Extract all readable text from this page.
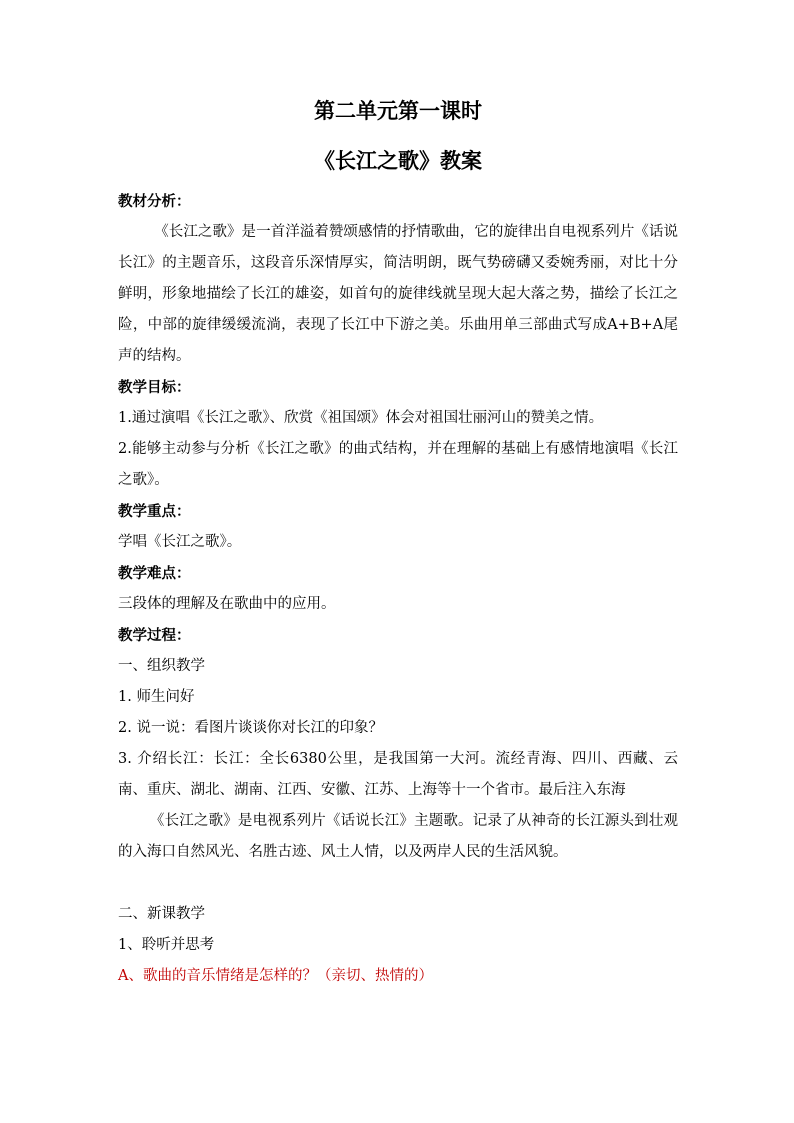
第二单元第一课时

《长江之歌》教案

教材分析：

《长江之歌》是一首洋溢着赞颂感情的抒情歌曲，它的旋律出自电视系列片《话说长江》的主题音乐，这段音乐深情厚实，简洁明朗，既气势磅礴又委婉秀丽，对比十分鲜明，形象地描绘了长江的雄姿，如首句的旋律线就呈现大起大落之势，描绘了长江之险，中部的旋律缓缓流淌，表现了长江中下游之美。乐曲用单三部曲式写成A+B+A尾声的结构。

教学目标：

1.通过演唱《长江之歌》、欣赏《祖国颂》体会对祖国壮丽河山的赞美之情。

2.能够主动参与分析《长江之歌》的曲式结构，并在理解的基础上有感情地演唱《长江之歌》。

教学重点：

学唱《长江之歌》。

教学难点：

三段体的理解及在歌曲中的应用。

教学过程：

一、组织教学

1. 师生问好

2. 说一说：看图片谈谈你对长江的印象？

3. 介绍长江：长江：全长6380公里，是我国第一大河。流经青海、四川、西藏、云南、重庆、湖北、湖南、江西、安徽、江苏、上海等十一个省市。最后注入东海

《长江之歌》是电视系列片《话说长江》主题歌。记录了从神奇的长江源头到壮观的入海口自然风光、名胜古迹、风土人情，以及两岸人民的生活风貌。

二、新课教学

1、聆听并思考

A、歌曲的音乐情绪是怎样的？（亲切、热情的）
